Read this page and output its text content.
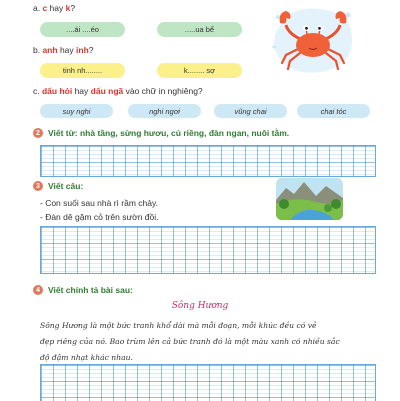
a. c hay k?
....ái ....éo	.....ua bể
b. anh hay inh?
tinh nh........	k........ sợ
c. dấu hỏi hay dấu ngã vào chữ in nghiêng?
suy nghi	nghi ngơi	vũng chai	chai tóc
2 Viết từ: nhà tầng, sừng hươu, củ riềng, đàn ngan, nuôi tằm.
3 Viết câu:
- Con suối sau nhà rì rầm chảy.
- Đàn dê gặm cỏ trên sườn đồi.
4 Viết chính tả bài sau:
Sông Hương
Sông Hương là một bức tranh khổ dài mà mỗi đoạn, mỗi khúc đều có vẻ
đẹp riêng của nó. Bao trùm lên cả bức tranh đó là một màu xanh có nhiều sắc
độ đậm nhạt khác nhau.
